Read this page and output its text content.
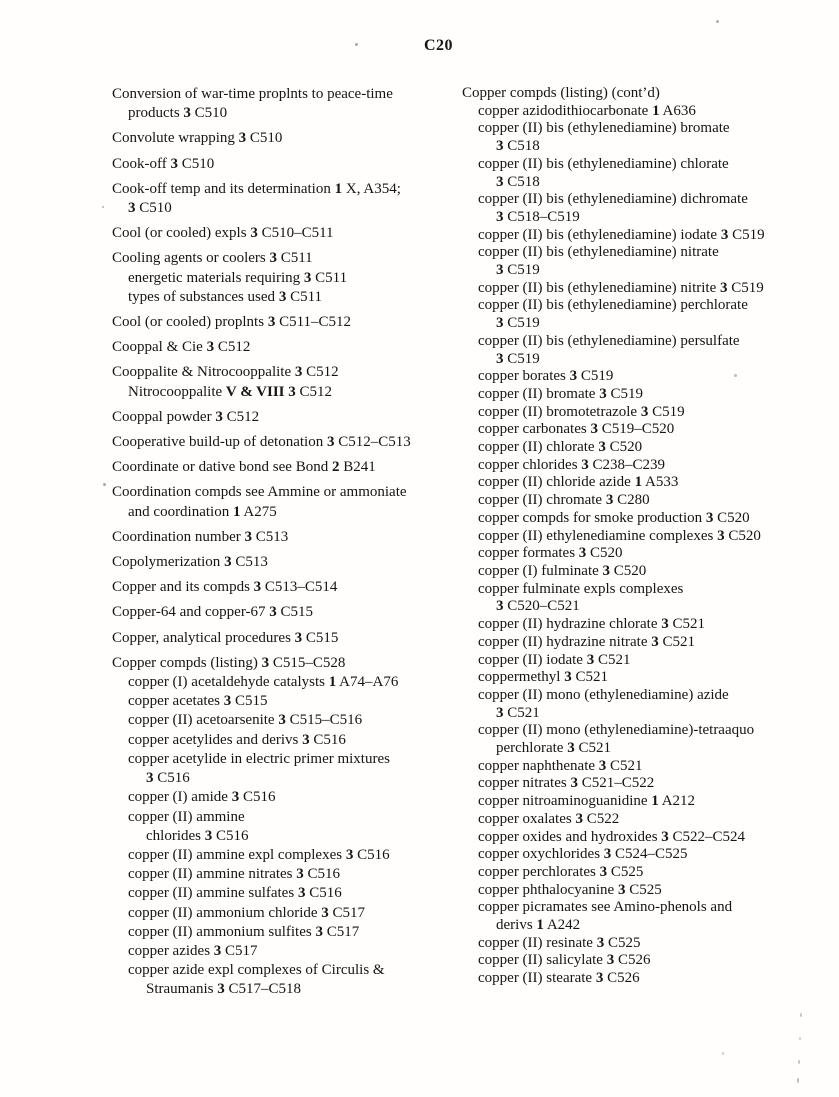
C20
Conversion of war-time proplnts to peace-time
products 3 C510
Convolute wrapping 3 C510
Cook-off 3 C510
Cook-off temp and its determination 1 X, A354;
3 C510
Cool (or cooled) expls 3 C510–C511
Cooling agents or coolers 3 C511
energetic materials requiring 3 C511
types of substances used 3 C511
Cool (or cooled) proplnts 3 C511–C512
Cooppal & Cie 3 C512
Cooppalite & Nitrocooppalite 3 C512
Nitrocooppalite V & VIII 3 C512
Cooppal powder 3 C512
Cooperative build-up of detonation 3 C512–C513
Coordinate or dative bond see Bond 2 B241
Coordination compds see Ammine or ammoniate
and coordination 1 A275
Coordination number 3 C513
Copolymerization 3 C513
Copper and its compds 3 C513–C514
Copper-64 and copper-67 3 C515
Copper, analytical procedures 3 C515
Copper compds (listing) 3 C515–C528
copper (I) acetaldehyde catalysts 1 A74–A76
copper acetates 3 C515
copper (II) acetoarsenite 3 C515–C516
copper acetylides and derivs 3 C516
copper acetylide in electric primer mixtures
3 C516
copper (I) amide 3 C516
copper (II) ammine
chlorides 3 C516
copper (II) ammine expl complexes 3 C516
copper (II) ammine nitrates 3 C516
copper (II) ammine sulfates 3 C516
copper (II) ammonium chloride 3 C517
copper (II) ammonium sulfites 3 C517
copper azides 3 C517
copper azide expl complexes of Circulis &
Straumanis 3 C517–C518
Copper compds (listing) (cont’d)
copper azidodithiocarbonate 1 A636
copper (II) bis (ethylenediamine) bromate
3 C518
copper (II) bis (ethylenediamine) chlorate
3 C518
copper (II) bis (ethylenediamine) dichromate
3 C518–C519
copper (II) bis (ethylenediamine) iodate 3 C519
copper (II) bis (ethylenediamine) nitrate
3 C519
copper (II) bis (ethylenediamine) nitrite 3 C519
copper (II) bis (ethylenediamine) perchlorate
3 C519
copper (II) bis (ethylenediamine) persulfate
3 C519
copper borates 3 C519
copper (II) bromate 3 C519
copper (II) bromotetrazole 3 C519
copper carbonates 3 C519–C520
copper (II) chlorate 3 C520
copper chlorides 3 C238–C239
copper (II) chloride azide 1 A533
copper (II) chromate 3 C280
copper compds for smoke production 3 C520
copper (II) ethylenediamine complexes 3 C520
copper formates 3 C520
copper (I) fulminate 3 C520
copper fulminate expls complexes
3 C520–C521
copper (II) hydrazine chlorate 3 C521
copper (II) hydrazine nitrate 3 C521
copper (II) iodate 3 C521
coppermethyl 3 C521
copper (II) mono (ethylenediamine) azide
3 C521
copper (II) mono (ethylenediamine)-tetraaquo
perchlorate 3 C521
copper naphthenate 3 C521
copper nitrates 3 C521–C522
copper nitroaminoguanidine 1 A212
copper oxalates 3 C522
copper oxides and hydroxides 3 C522–C524
copper oxychlorides 3 C524–C525
copper perchlorates 3 C525
copper phthalocyanine 3 C525
copper picramates see Amino-phenols and
derivs 1 A242
copper (II) resinate 3 C525
copper (II) salicylate 3 C526
copper (II) stearate 3 C526
